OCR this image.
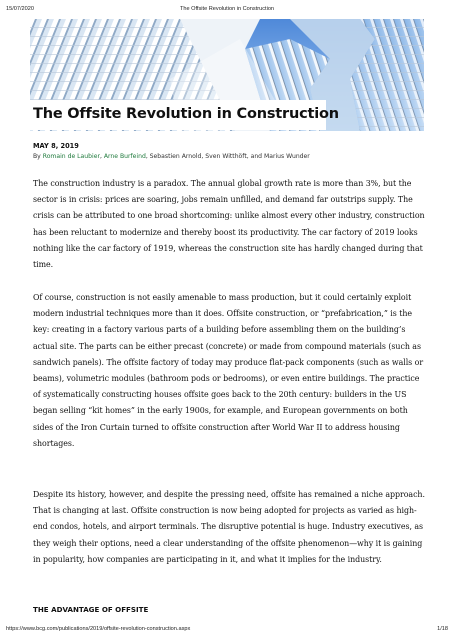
15/07/2020	The Offsite Revolution in Construction
The Offsite Revolution in Construction
MAY 8, 2019
By Romain de Laubier, Arne Burfeind, Sebastien Arnold, Sven Witthöft, and Marius Wunder

The construction industry is a paradox. The annual global growth rate is more than 3%, but the sector is in crisis: prices are soaring, jobs remain unfilled, and demand far outstrips supply. The crisis can be attributed to one broad shortcoming: unlike almost every other industry, construction has been reluctant to modernize and thereby boost its productivity. The car factory of 2019 looks nothing like the car factory of 1919, whereas the construction site has hardly changed during that time.

Of course, construction is not easily amenable to mass production, but it could certainly exploit modern industrial techniques more than it does. Offsite construction, or “prefabrication,” is the key: creating in a factory various parts of a building before assembling them on the building’s actual site. The parts can be either precast (concrete) or made from compound materials (such as sandwich panels). The offsite factory of today may produce flat-pack components (such as walls or beams), volumetric modules (bathroom pods or bedrooms), or even entire buildings. The practice of systematically constructing houses offsite goes back to the 20th century: builders in the US began selling “kit homes” in the early 1900s, for example, and European governments on both sides of the Iron Curtain turned to offsite construction after World War II to address housing shortages.

Despite its history, however, and despite the pressing need, offsite has remained a niche approach. That is changing at last. Offsite construction is now being adopted for projects as varied as high-end condos, hotels, and airport terminals. The disruptive potential is huge. Industry executives, as they weigh their options, need a clear understanding of the offsite phenomenon—why it is gaining in popularity, how companies are participating in it, and what it implies for the industry.

THE ADVANTAGE OF OFFSITE
https://www.bcg.com/publications/2019/offsite-revolution-construction.aspx	1/18
